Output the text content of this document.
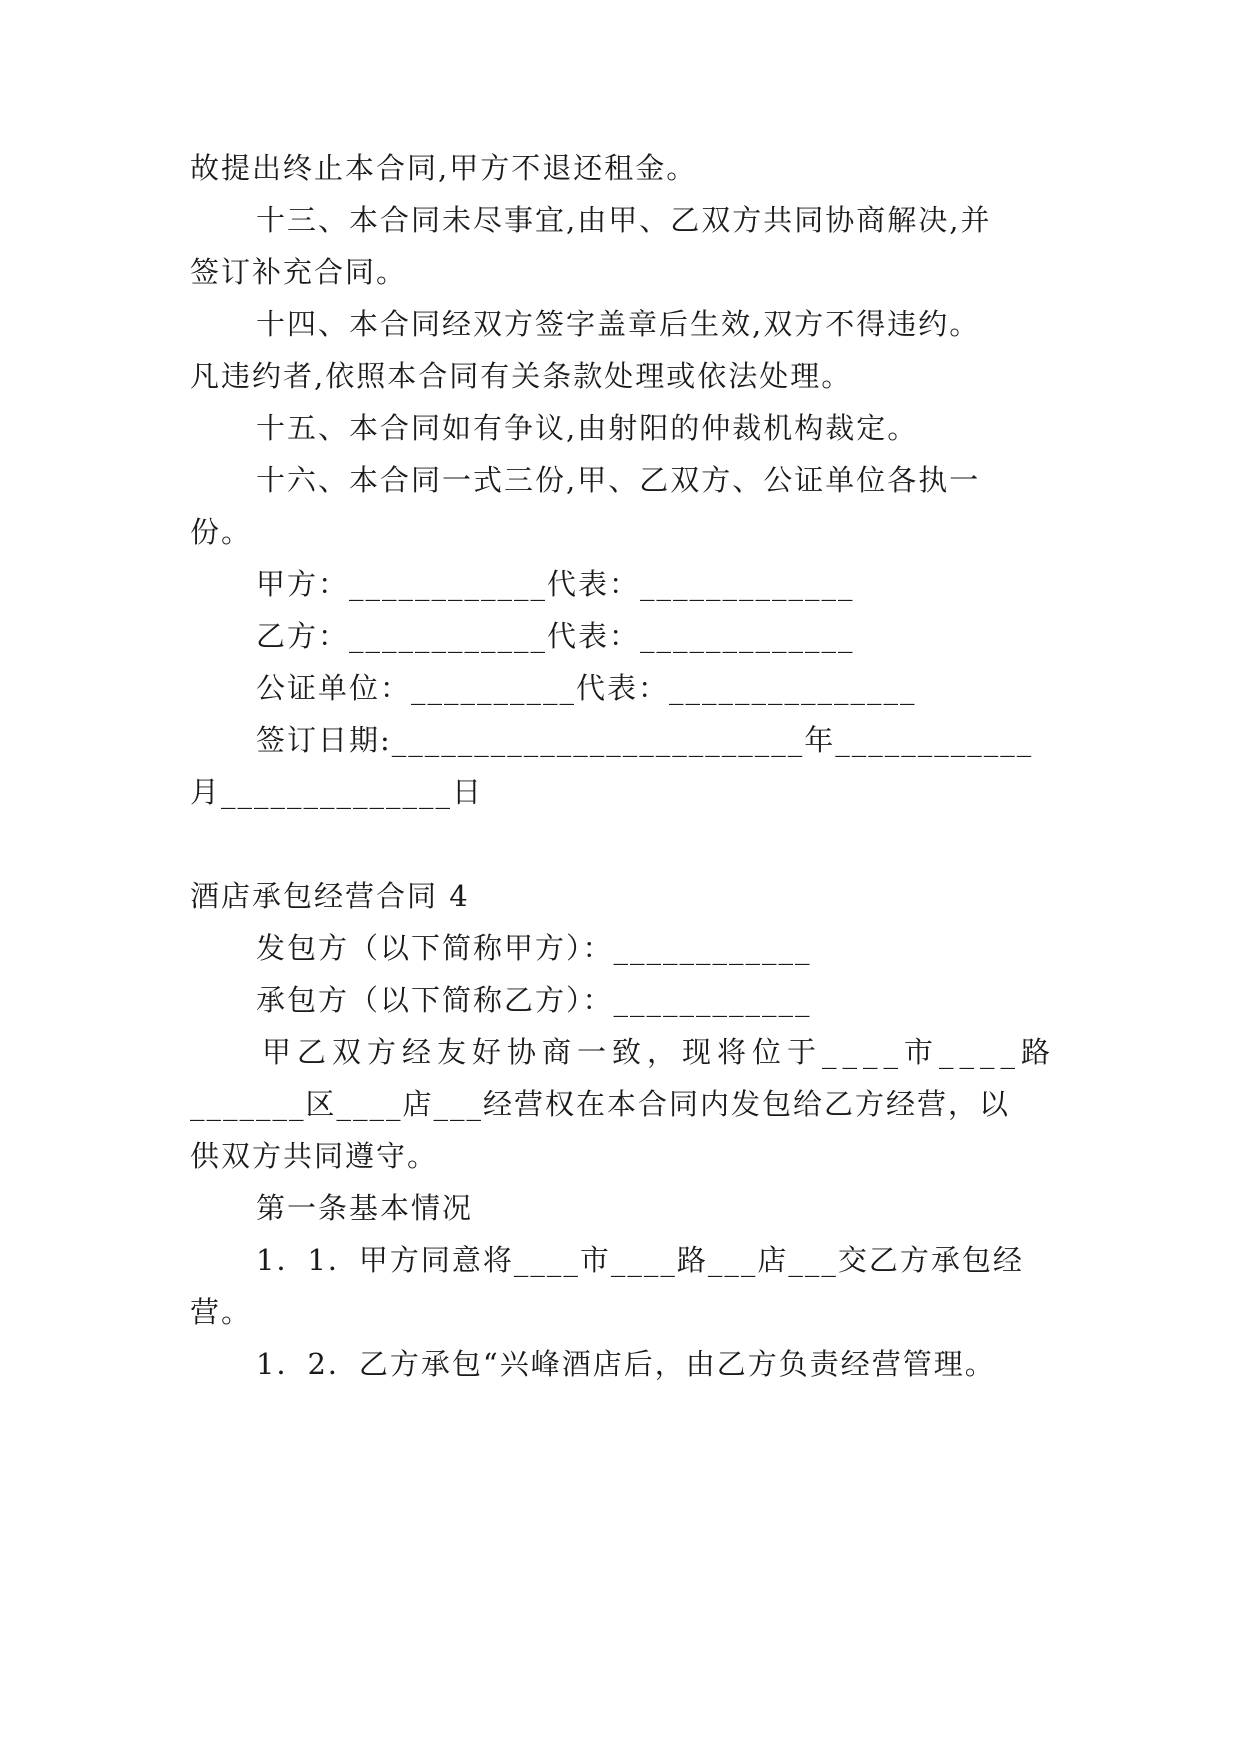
故提出终止本合同,甲方不退还租金。
十三、本合同未尽事宜,由甲、乙双方共同协商解决,并
签订补充合同。
十四、本合同经双方签字盖章后生效,双方不得违约。
凡违约者,依照本合同有关条款处理或依法处理。
十五、本合同如有争议,由射阳的仲裁机构裁定。
十六、本合同一式三份,甲、乙双方、公证单位各执一
份。
甲方：____________代表：_____________
乙方：____________代表：_____________
公证单位：__________代表：_______________
签订日期:_________________________年____________
月______________日
酒店承包经营合同 4
发包方（以下简称甲方）：____________
承包方（以下简称乙方）：____________
甲乙双方经友好协商一致，现将位于____市____路
_______区____店___经营权在本合同内发包给乙方经营，以
供双方共同遵守。
第一条基本情况
1．1．甲方同意将____市____路___店___交乙方承包经
营。
1．2．乙方承包“兴峰酒店后，由乙方负责经营管理。
